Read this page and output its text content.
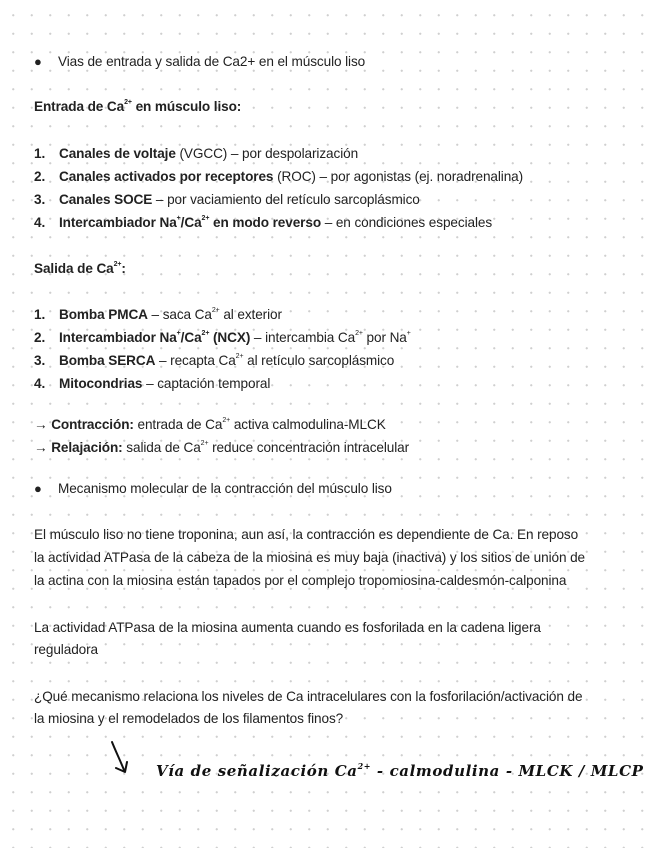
● Vias de entrada y salida de Ca2+ en el músculo liso

Entrada de $Ca^{2+}$ en músculo liso:

1. Canales de voltaje (VGCC) – por despolarización

2. Canales activados por receptores (ROC) – por agonistas (ej. noradrenalina)

3. Canales SOCE – por vaciamiento del retículo sarcoplásmico

4. Intercambiador $Na^+/Ca^{2+}$ en modo reverso – en condiciones especiales

Salida de $Ca^{2+}$:

1. Bomba PMCA – saca $Ca^{2+}$ al exterior

2. Intercambiador $Na^+/Ca^{2+}$ (NCX) – intercambia $Ca^{2+}$ por Na+

3. Bomba SERCA – recapta $Ca^{2+}$ al retículo sarcoplásmico

4. Mitocondrias – captación temporal

→ Contracción: entrada de $Ca^{2+}$ activa calmodulina-MLCK

→ Relajación: salida de $Ca^{2+}$ reduce concentración intracelular

● Mecanismo molecular de la contracción del músculo liso

El músculo liso no tiene troponina, aun así, la contracción es dependiente de Ca. En reposo

la actividad ATPasa de la cabeza de la miosina es muy baja (inactiva) y los sitios de unión de

la actina con la miosina están tapados por el complejo tropomiosina-caldesmón-calponina

La actividad ATPasa de la miosina aumenta cuando es fosforilada en la cadena ligera

reguladora

¿Qué mecanismo relaciona los niveles de Ca intracelulares con la fosforilación/activación de

la miosina y el remodelados de los filamentos finos?

Vía de señalización $Ca^{2+}$ - calmodulina - MLCK / MLCP
